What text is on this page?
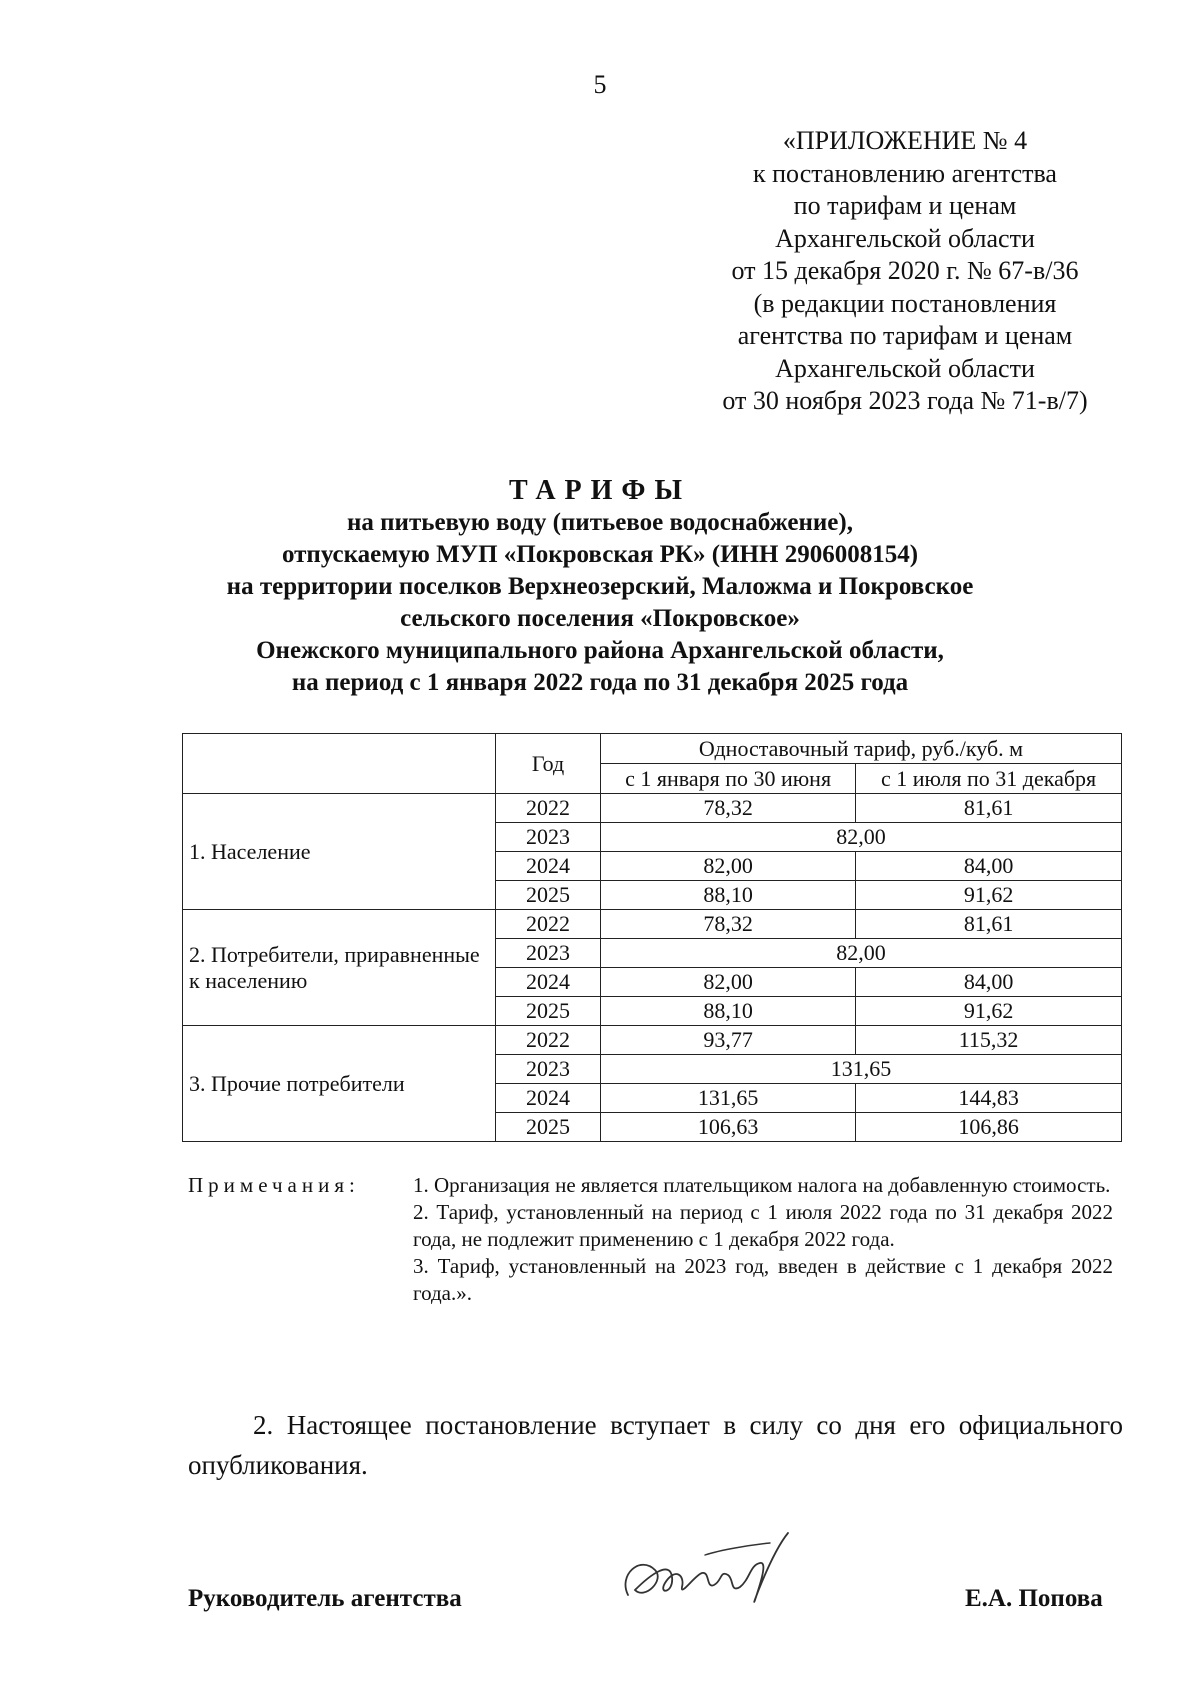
5
«ПРИЛОЖЕНИЕ № 4
к постановлению агентства
по тарифам и ценам
Архангельской области
от 15 декабря 2020 г. № 67-в/36
(в редакции постановления
агентства по тарифам и ценам
Архангельской области
от 30 ноября 2023 года № 71-в/7)
ТАРИФЫ
на питьевую воду (питьевое водоснабжение),
отпускаемую МУП «Покровская РК» (ИНН 2906008154)
на территории поселков Верхнеозерский, Маложма и Покровское
сельского поселения «Покровское»
Онежского муниципального района Архангельской области,
на период с 1 января 2022 года по 31 декабря 2025 года
	Год	Одноставочный тариф, руб./куб. м	
		с 1 января по 30 июня	с 1 июля по 31 декабря
1. Население	2022	78,32	81,61
	2023	82,00	
	2024	82,00	84,00
	2025	88,10	91,62
2. Потребители, приравненные к населению	2022	78,32	81,61
	2023	82,00	
	2024	82,00	84,00
	2025	88,10	91,62
3. Прочие потребители	2022	93,77	115,32
	2023	131,65	
	2024	131,65	144,83
	2025	106,63	106,86
Примечания:	1. Организация не является плательщиком налога на добавленную стоимость.

2. Тариф, установленный на период с 1 июля 2022 года по 31 декабря 2022 года, не подлежит применению с 1 декабря 2022 года.

3. Тариф, установленный на 2023 год, введен в действие с 1 декабря 2022 года.».

2. Настоящее постановление вступает в силу со дня его официального опубликования.
Руководитель агентства	Е.А. Попова
